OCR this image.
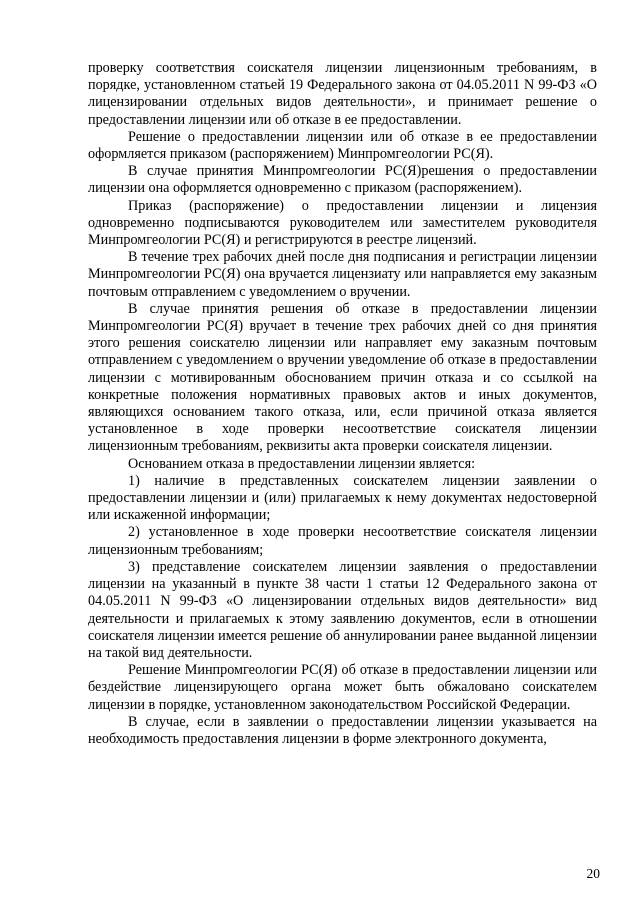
проверку соответствия соискателя лицензии лицензионным требованиям, в порядке, установленном статьей 19 Федерального закона от 04.05.2011 N 99-ФЗ «О лицензировании отдельных видов деятельности», и принимает решение о предоставлении лицензии или об отказе в ее предоставлении.

Решение о предоставлении лицензии или об отказе в ее предоставлении оформляется приказом (распоряжением) Минпромгеологии РС(Я).

В случае принятия Минпромгеологии РС(Я)решения о предоставлении лицензии она оформляется одновременно с приказом (распоряжением).

Приказ (распоряжение) о предоставлении лицензии и лицензия одновременно подписываются руководителем или заместителем руководителя Минпромгеологии РС(Я) и регистрируются в реестре лицензий.

В течение трех рабочих дней после дня подписания и регистрации лицензии Минпромгеологии РС(Я) она вручается лицензиату или направляется ему заказным почтовым отправлением с уведомлением о вручении.

В случае принятия решения об отказе в предоставлении лицензии Минпромгеологии РС(Я) вручает в течение трех рабочих дней со дня принятия этого решения соискателю лицензии или направляет ему заказным почтовым отправлением с уведомлением о вручении уведомление об отказе в предоставлении лицензии с мотивированным обоснованием причин отказа и со ссылкой на конкретные положения нормативных правовых актов и иных документов, являющихся основанием такого отказа, или, если причиной отказа является установленное в ходе проверки несоответствие соискателя лицензии лицензионным требованиям, реквизиты акта проверки соискателя лицензии.

Основанием отказа в предоставлении лицензии является:

1) наличие в представленных соискателем лицензии заявлении о предоставлении лицензии и (или) прилагаемых к нему документах недостоверной или искаженной информации;

2) установленное в ходе проверки несоответствие соискателя лицензии лицензионным требованиям;

3) представление соискателем лицензии заявления о предоставлении лицензии на указанный в пункте 38 части 1 статьи 12 Федерального закона от 04.05.2011 N 99-ФЗ «О лицензировании отдельных видов деятельности» вид деятельности и прилагаемых к этому заявлению документов, если в отношении соискателя лицензии имеется решение об аннулировании ранее выданной лицензии на такой вид деятельности.

Решение Минпромгеологии РС(Я) об отказе в предоставлении лицензии или бездействие лицензирующего органа может быть обжаловано соискателем лицензии в порядке, установленном законодательством Российской Федерации.

В случае, если в заявлении о предоставлении лицензии указывается на необходимость предоставления лицензии в форме электронного документа,

20
